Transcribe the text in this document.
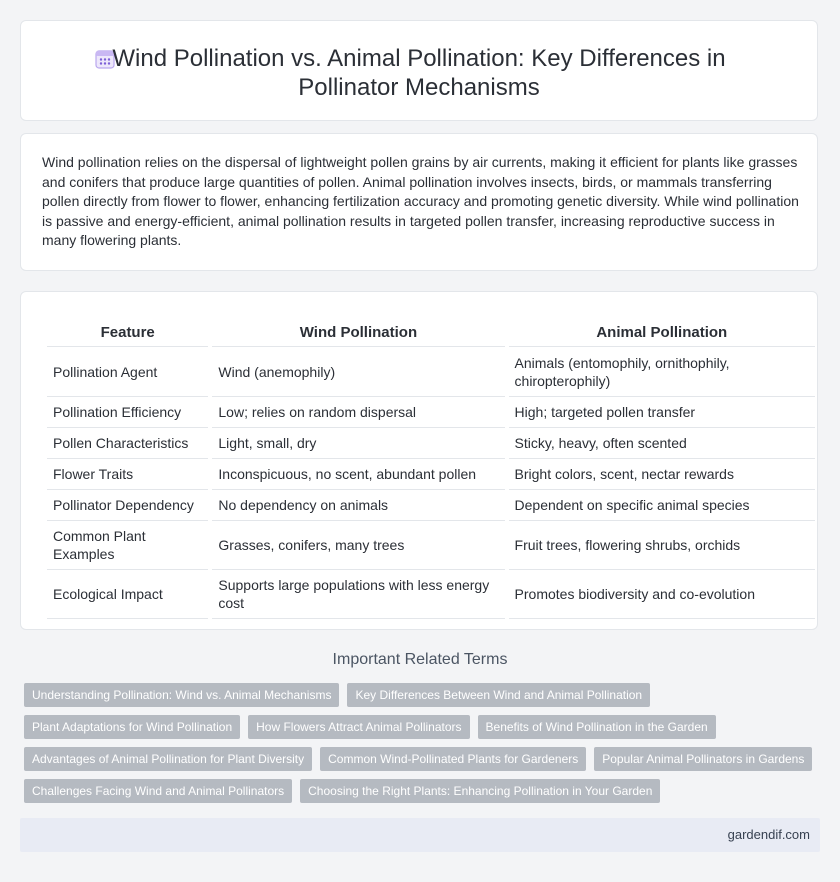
Wind Pollination vs. Animal Pollination: Key Differences in Pollinator Mechanisms

Wind pollination relies on the dispersal of lightweight pollen grains by air currents, making it efficient for plants like grasses and conifers that produce large quantities of pollen. Animal pollination involves insects, birds, or mammals transferring pollen directly from flower to flower, enhancing fertilization accuracy and promoting genetic diversity. While wind pollination is passive and energy-efficient, animal pollination results in targeted pollen transfer, increasing reproductive success in many flowering plants.

Feature	Wind Pollination	Animal Pollination
Pollination Agent	Wind (anemophily)	Animals (entomophily, ornithophily, chiropterophily)
Pollination Efficiency	Low; relies on random dispersal	High; targeted pollen transfer
Pollen Characteristics	Light, small, dry	Sticky, heavy, often scented
Flower Traits	Inconspicuous, no scent, abundant pollen	Bright colors, scent, nectar rewards
Pollinator Dependency	No dependency on animals	Dependent on specific animal species
Common Plant Examples	Grasses, conifers, many trees	Fruit trees, flowering shrubs, orchids
Ecological Impact	Supports large populations with less energy cost	Promotes biodiversity and co-evolution
Important Related Terms
Understanding Pollination: Wind vs. Animal Mechanisms	Key Differences Between Wind and Animal Pollination
Plant Adaptations for Wind Pollination	How Flowers Attract Animal Pollinators	Benefits of Wind Pollination in the Garden
Advantages of Animal Pollination for Plant Diversity	Common Wind-Pollinated Plants for Gardeners	Popular Animal Pollinators in Gardens
Challenges Facing Wind and Animal Pollinators	Choosing the Right Plants: Enhancing Pollination in Your Garden
gardendif.com
